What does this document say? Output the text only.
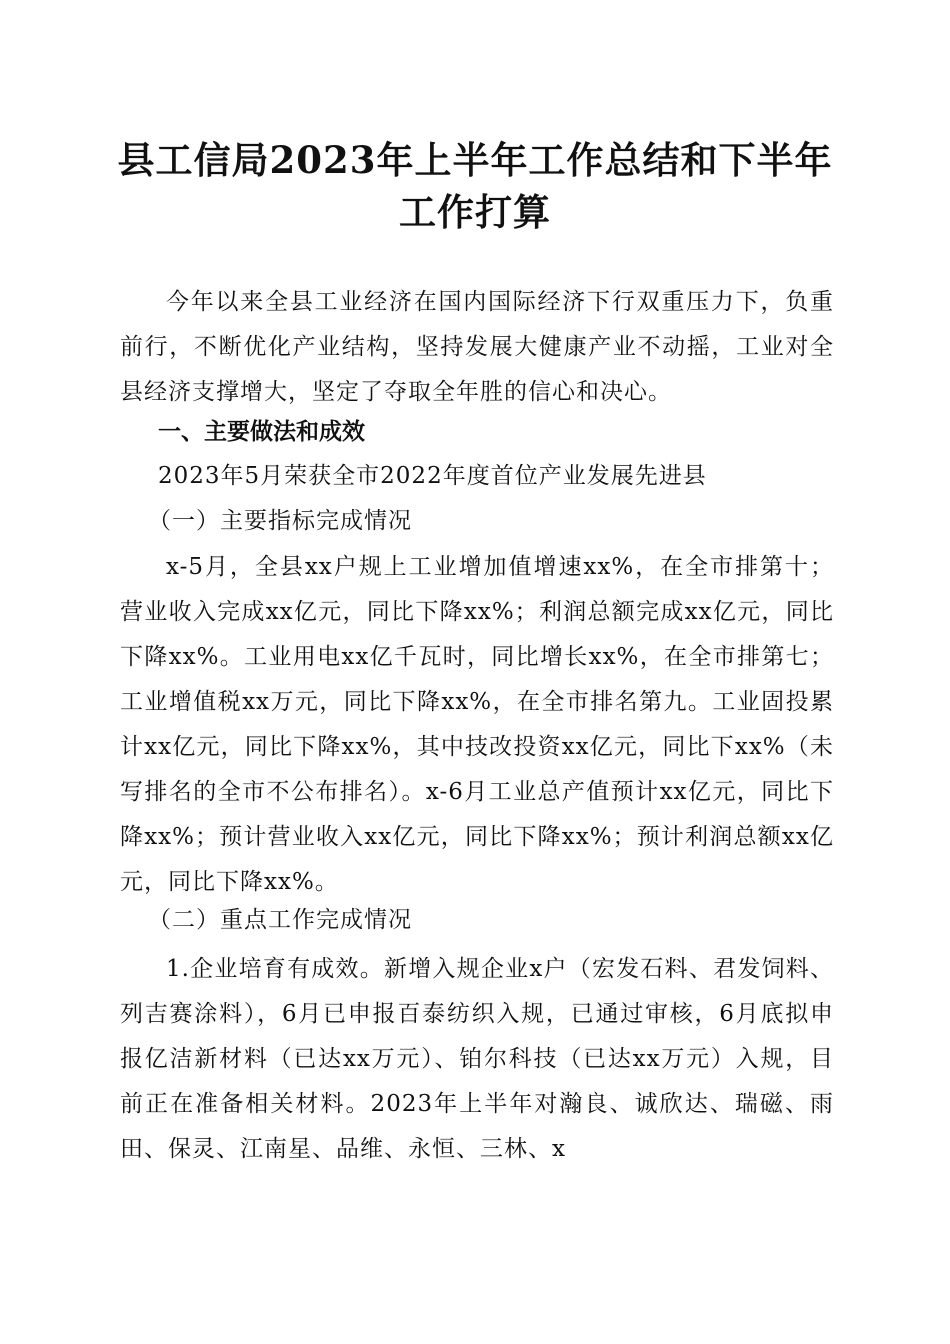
县工信局2023年上半年工作总结和下半年工作打算
今年以来全县工业经济在国内国际经济下行双重压力下，负重前行，不断优化产业结构，坚持发展大健康产业不动摇，工业对全县经济支撑增大，坚定了夺取全年胜的信心和决心。
一、主要做法和成效
2023年5月荣获全市2022年度首位产业发展先进县
（一）主要指标完成情况
x-5月，全县xx户规上工业增加值增速xx%，在全市排第十；营业收入完成xx亿元，同比下降xx%；利润总额完成xx亿元，同比下降xx%。工业用电xx亿千瓦时，同比增长xx%，在全市排第七；工业增值税xx万元，同比下降xx%，在全市排名第九。工业固投累计xx亿元，同比下降xx%，其中技改投资xx亿元，同比下xx%（未写排名的全市不公布排名）。x-6月工业总产值预计xx亿元，同比下降xx%；预计营业收入xx亿元，同比下降xx%；预计利润总额xx亿元，同比下降xx%。
（二）重点工作完成情况
1.企业培育有成效。新增入规企业x户（宏发石料、君发饲料、列吉赛涂料），6月已申报百泰纺织入规，已通过审核，6月底拟申报亿洁新材料（已达xx万元）、铂尔科技（已达xx万元）入规，目前正在准备相关材料。2023年上半年对瀚良、诚欣达、瑞磁、雨田、保灵、江南星、品维、永恒、三林、x
